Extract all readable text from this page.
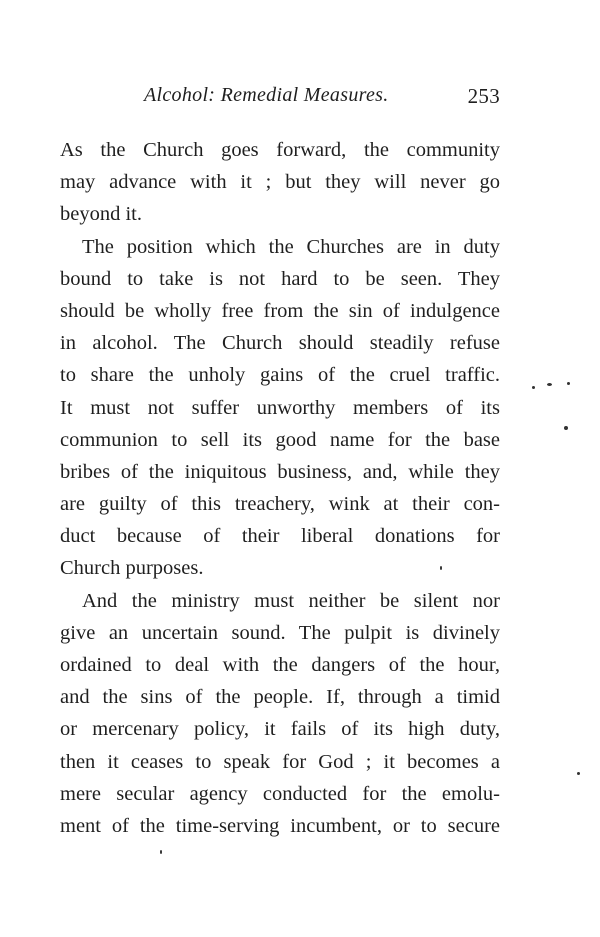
Alcohol: Remedial Measures.	253
As the Church goes forward, the community
may advance with it ; but they will never go
beyond it.
The position which the Churches are in duty
bound to take is not hard to be seen. They
should be wholly free from the sin of indulgence
in alcohol. The Church should steadily refuse
to share the unholy gains of the cruel traffic.
It must not suffer unworthy members of its
communion to sell its good name for the base
bribes of the iniquitous business, and, while they
are guilty of this treachery, wink at their con-
duct because of their liberal donations for
Church purposes.
And the ministry must neither be silent nor
give an uncertain sound. The pulpit is divinely
ordained to deal with the dangers of the hour,
and the sins of the people. If, through a timid
or mercenary policy, it fails of its high duty,
then it ceases to speak for God ; it becomes a
mere secular agency conducted for the emolu-
ment of the time-serving incumbent, or to secure
